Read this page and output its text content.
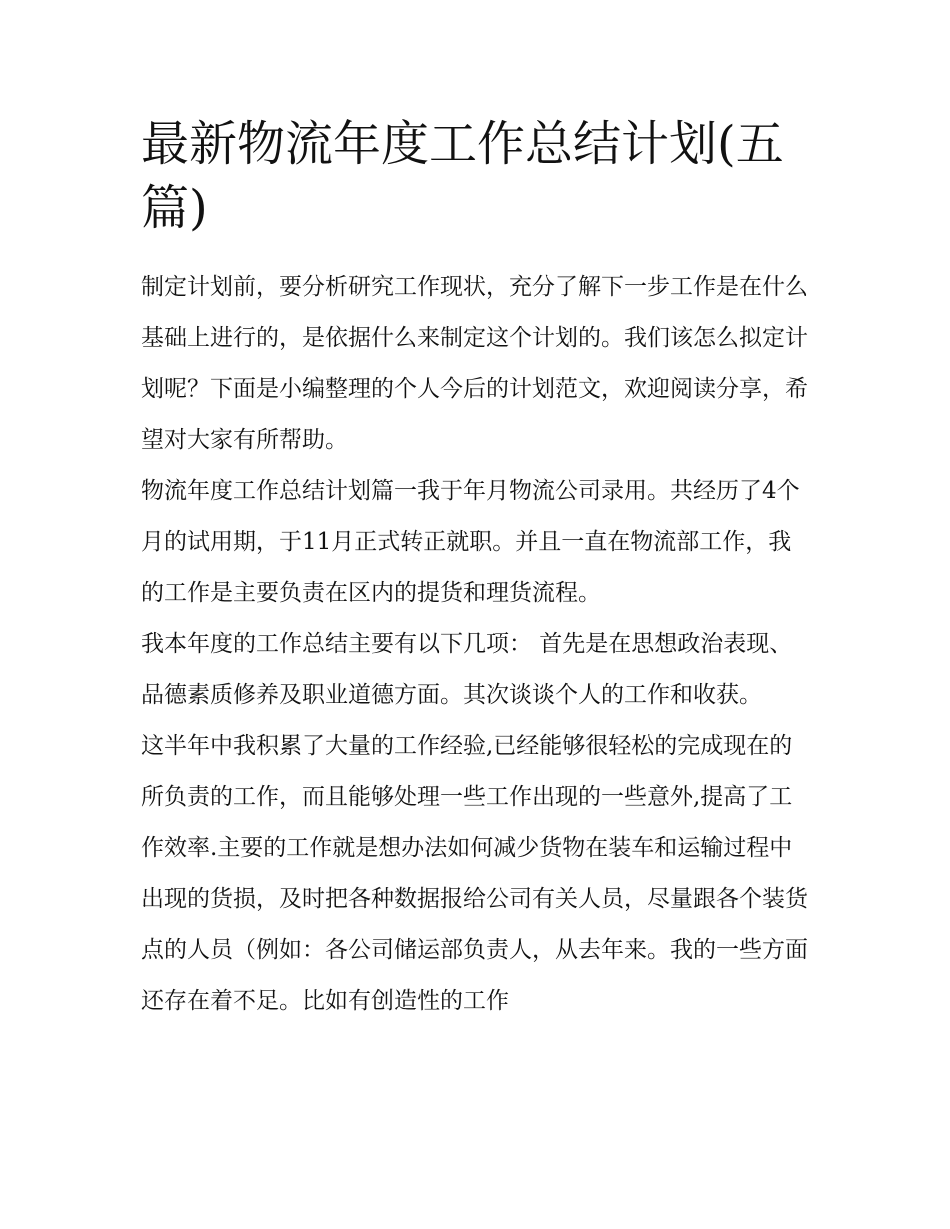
最新物流年度工作总结计划(五篇)

制定计划前，要分析研究工作现状，充分了解下一步工作是在什么基础上进行的，是依据什么来制定这个计划的。我们该怎么拟定计划呢？下面是小编整理的个人今后的计划范文，欢迎阅读分享，希望对大家有所帮助。

物流年度工作总结计划篇一我于年月物流公司录用。共经历了4个月的试用期，于11月正式转正就职。并且一直在物流部工作，我的工作是主要负责在区内的提货和理货流程。

我本年度的工作总结主要有以下几项： 首先是在思想政治表现、品德素质修养及职业道德方面。其次谈谈个人的工作和收获。

这半年中我积累了大量的工作经验,已经能够很轻松的完成现在的所负责的工作，而且能够处理一些工作出现的一些意外,提高了工作效率.主要的工作就是想办法如何减少货物在装车和运输过程中出现的货损，及时把各种数据报给公司有关人员，尽量跟各个装货点的人员（例如：各公司储运部负责人，从去年来。我的一些方面还存在着不足。比如有创造性的工作
